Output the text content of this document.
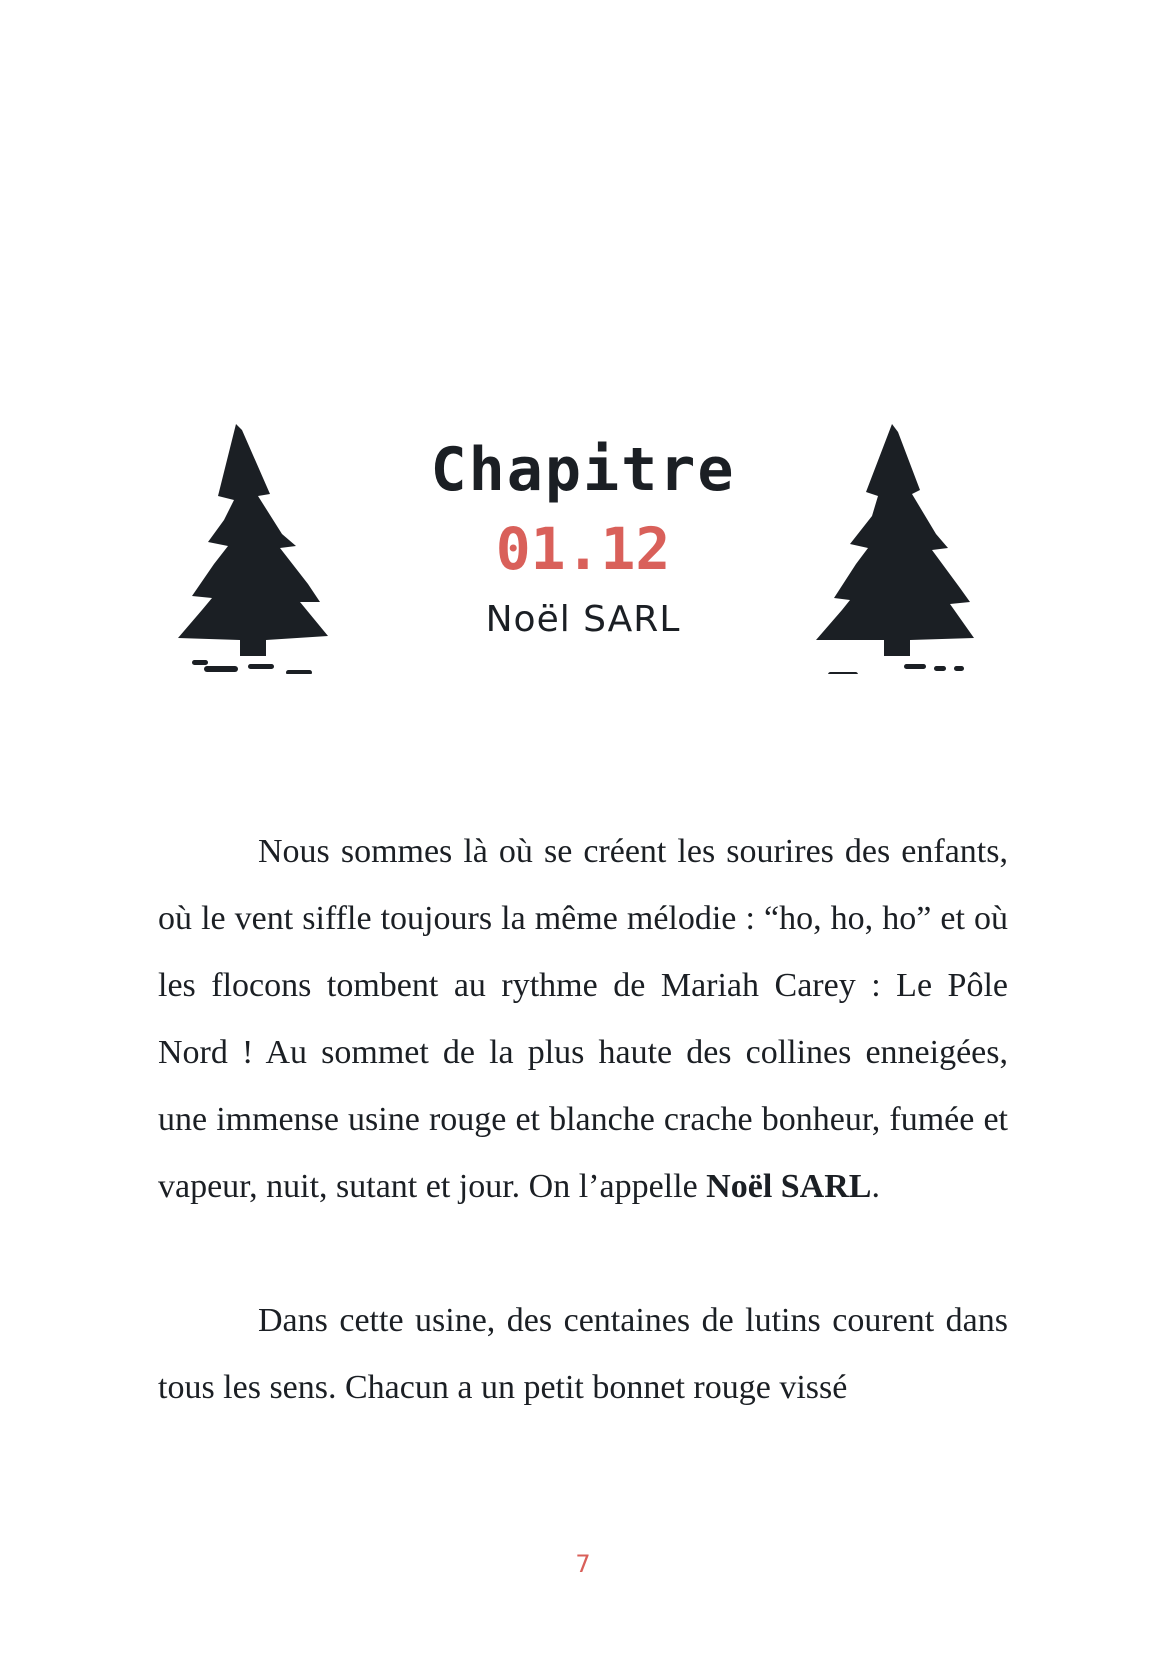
Chapitre
01.12
Noël SARL

Nous sommes là où se créent les sourires des enfants, où le vent siffle toujours la même mélodie : “ho, ho, ho” et où les flocons tombent au rythme de Mariah Carey : Le Pôle Nord ! Au sommet de la plus haute des collines enneigées, une immense usine rouge et blanche crache bonheur, fumée et vapeur, nuit, sutant et jour. On l’appelle Noël SARL.

Dans cette usine, des centaines de lutins courent dans tous les sens. Chacun a un petit bonnet rouge vissé

7
